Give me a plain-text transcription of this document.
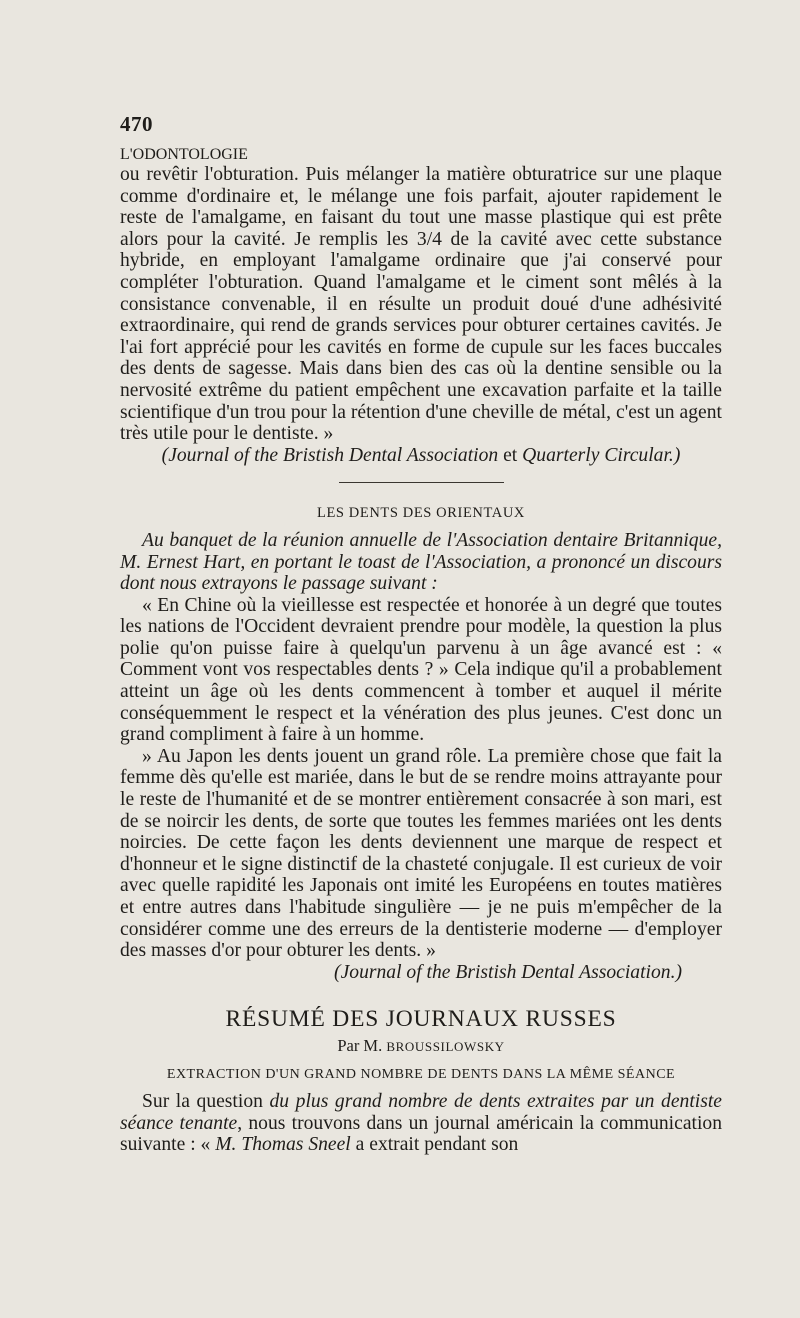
470
L'ODONTOLOGIE

ou revêtir l'obturation. Puis mélanger la matière obturatrice sur une plaque comme d'ordinaire et, le mélange une fois parfait, ajouter rapidement le reste de l'amalgame, en faisant du tout une masse plastique qui est prête alors pour la cavité. Je remplis les 3/4 de la cavité avec cette substance hybride, en employant l'amalgame ordinaire que j'ai conservé pour compléter l'obturation. Quand l'amalgame et le ciment sont mêlés à la consistance convenable, il en résulte un produit doué d'une adhésivité extraordinaire, qui rend de grands services pour obturer certaines cavités. Je l'ai fort apprécié pour les cavités en forme de cupule sur les faces buccales des dents de sagesse. Mais dans bien des cas où la dentine sensible ou la nervosité extrême du patient empêchent une excavation parfaite et la taille scientifique d'un trou pour la rétention d'une cheville de métal, c'est un agent très utile pour le dentiste. »

(Journal of the Bristish Dental Association et Quarterly Circular.)

LES DENTS DES ORIENTAUX

Au banquet de la réunion annuelle de l'Association dentaire Britannique, M. Ernest Hart, en portant le toast de l'Association, a prononcé un discours dont nous extrayons le passage suivant :

« En Chine où la vieillesse est respectée et honorée à un degré que toutes les nations de l'Occident devraient prendre pour modèle, la question la plus polie qu'on puisse faire à quelqu'un parvenu à un âge avancé est : « Comment vont vos respectables dents ? » Cela indique qu'il a probablement atteint un âge où les dents commencent à tomber et auquel il mérite conséquemment le respect et la vénération des plus jeunes. C'est donc un grand compliment à faire à un homme.

» Au Japon les dents jouent un grand rôle. La première chose que fait la femme dès qu'elle est mariée, dans le but de se rendre moins attrayante pour le reste de l'humanité et de se montrer entièrement consacrée à son mari, est de se noircir les dents, de sorte que toutes les femmes mariées ont les dents noircies. De cette façon les dents deviennent une marque de respect et d'honneur et le signe distinctif de la chasteté conjugale. Il est curieux de voir avec quelle rapidité les Japonais ont imité les Européens en toutes matières et entre autres dans l'habitude singulière — je ne puis m'empêcher de la considérer comme une des erreurs de la dentisterie moderne — d'employer des masses d'or pour obturer les dents. »

(Journal of the Bristish Dental Association.)

RÉSUMÉ DES JOURNAUX RUSSES
Par M. BROUSSILOWSKY
EXTRACTION D'UN GRAND NOMBRE DE DENTS DANS LA MÊME SÉANCE

Sur la question du plus grand nombre de dents extraites par un dentiste séance tenante, nous trouvons dans un journal américain la communication suivante : « M. Thomas Sneel a extrait pendant son
